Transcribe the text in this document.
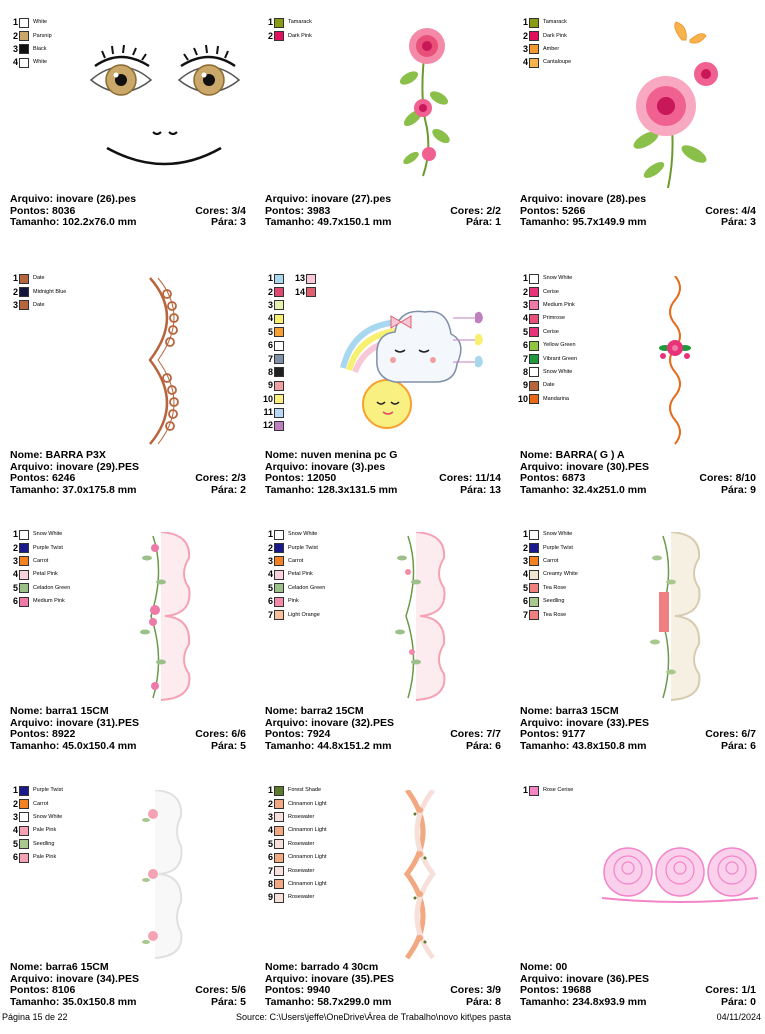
1	White
2	Parsnip
3	Black
4	White
Arquivo: inovare (26).pes
Pontos: 8036	Cores: 3/4
Tamanho: 102.2x76.0 mm	Pára: 3
1	Tamarack
2	Dark Pink
Arquivo: inovare (27).pes
Pontos: 3983	Cores: 2/2
Tamanho: 49.7x150.1 mm	Pára: 1
1	Tamarack
2	Dark Pink
3	Amber
4	Cantaloupe
Arquivo: inovare (28).pes
Pontos: 5266	Cores: 4/4
Tamanho: 95.7x149.9 mm	Pára: 3
1	Date
2	Midnight Blue
3	Date
Nome: BARRA P3X
Arquivo: inovare (29).PES
Pontos: 6246	Cores: 2/3
Tamanho: 37.0x175.8 mm	Pára: 2
1
2
3
4
5
6
7
8
9
10
11
12
13
14
Nome: nuven menina pc G
Arquivo: inovare (3).pes
Pontos: 12050	Cores: 11/14
Tamanho: 128.3x131.5 mm	Pára: 13
1	Snow White
2	Cerise
3	Medium Pink
4	Primrose
5	Cerise
6	Yellow Green
7	Vibrant Green
8	Snow White
9	Date
10	Mandarina
Nome: BARRA( G ) A
Arquivo: inovare (30).PES
Pontos: 6873	Cores: 8/10
Tamanho: 32.4x251.0 mm	Pára: 9
1	Snow White
2	Purple Twist
3	Carrot
4	Petal Pink
5	Celadon Green
6	Medium Pink
Nome: barra1 15CM
Arquivo: inovare (31).PES
Pontos: 8922	Cores: 6/6
Tamanho: 45.0x150.4 mm	Pára: 5
1	Snow White
2	Purple Twist
3	Carrot
4	Petal Pink
5	Celadon Green
6	Pink
7	Light Orange
Nome: barra2 15CM
Arquivo: inovare (32).PES
Pontos: 7924	Cores: 7/7
Tamanho: 44.8x151.2 mm	Pára: 6
1	Snow White
2	Purple Twist
3	Carrot
4	Creamy White
5	Tea Rose
6	Seedling
7	Tea Rose
Nome: barra3 15CM
Arquivo: inovare (33).PES
Pontos: 9177	Cores: 6/7
Tamanho: 43.8x150.8 mm	Pára: 6
1	Purple Twist
2	Carrot
3	Snow White
4	Pale Pink
5	Seedling
6	Pale Pink
Nome: barra6 15CM
Arquivo: inovare (34).PES
Pontos: 8106	Cores: 5/6
Tamanho: 35.0x150.8 mm	Pára: 5
1	Forest Shade
2	Cinnamon Light
3	Rosewater
4	Cinnamon Light
5	Rosewater
6	Cinnamon Light
7	Rosewater
8	Cinnamon Light
9	Rosewater
Nome: barrado 4 30cm
Arquivo: inovare (35).PES
Pontos: 9940	Cores: 3/9
Tamanho: 58.7x299.0 mm	Pára: 8
1	Rose Cerise
Nome: 00
Arquivo: inovare (36).PES
Pontos: 19688	Cores: 1/1
Tamanho: 234.8x93.9 mm	Pára: 0
Página 15 de 22	Source: C:\Users\jeffe\OneDrive\Área de Trabalho\novo kit\pes pasta	04/11/2024
